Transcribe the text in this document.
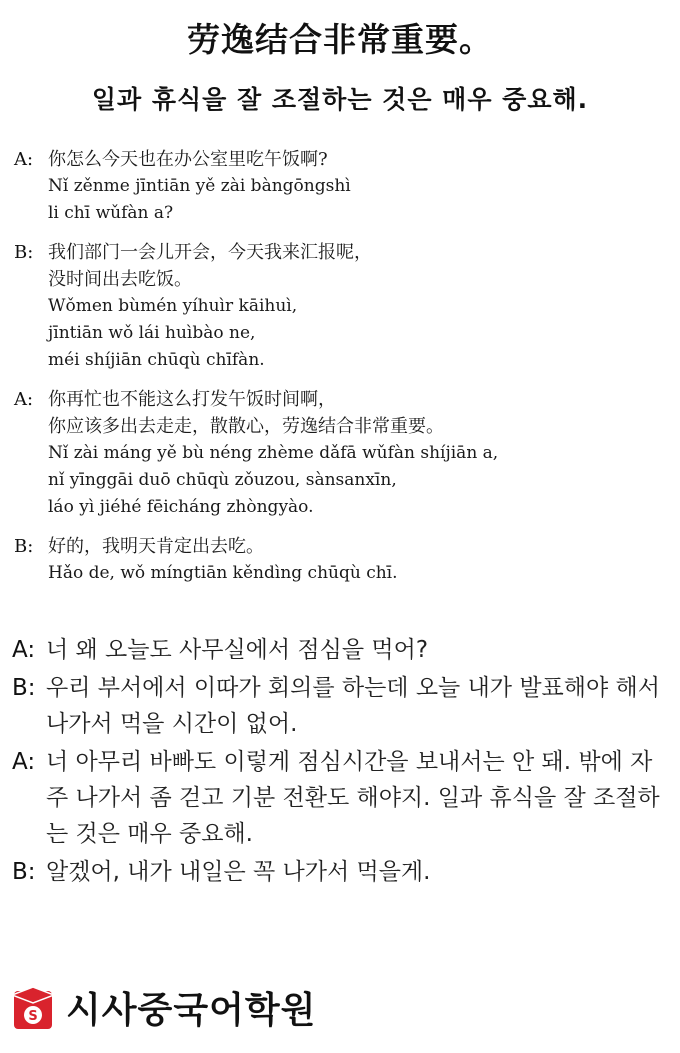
劳逸结合非常重要。
일과 휴식을 잘 조절하는 것은 매우 중요해.
A: 你怎么今天也在办公室里吃午饭啊?
Nǐ zěnme jīntiān yě zài bàngōngshì
li chī wǔfàn a?
B: 我们部门一会儿开会，今天我来汇报呢，
没时间出去吃饭。
Wǒmen bùmén yíhuìr kāihuì,
jīntiān wǒ lái huìbào ne,
méi shíjiān chūqù chīfàn.
A: 你再忙也不能这么打发午饭时间啊，
你应该多出去走走，散散心，劳逸结合非常重要。
Nǐ zài máng yě bù néng zhème dǎfā wǔfàn shíjiān a,
nǐ yīnggāi duō chūqù zǒuzou, sànsanxīn,
láo yì jiéhé fēicháng zhòngyào.
B: 好的，我明天肯定出去吃。
Hǎo de, wǒ míngtiān kěndìng chūqù chī.
A: 너 왜 오늘도 사무실에서 점심을 먹어?
B: 우리 부서에서 이따가 회의를 하는데 오늘 내가 발표해야 해서 나가서 먹을 시간이 없어.
A: 너 아무리 바빠도 이렇게 점심시간을 보내서는 안 돼. 밖에 자주 나가서 좀 걷고 기분 전환도 해야지. 일과 휴식을 잘 조절하는 것은 매우 중요해.
B: 알겠어, 내가 내일은 꼭 나가서 먹을게.
S 시사중국어학원
